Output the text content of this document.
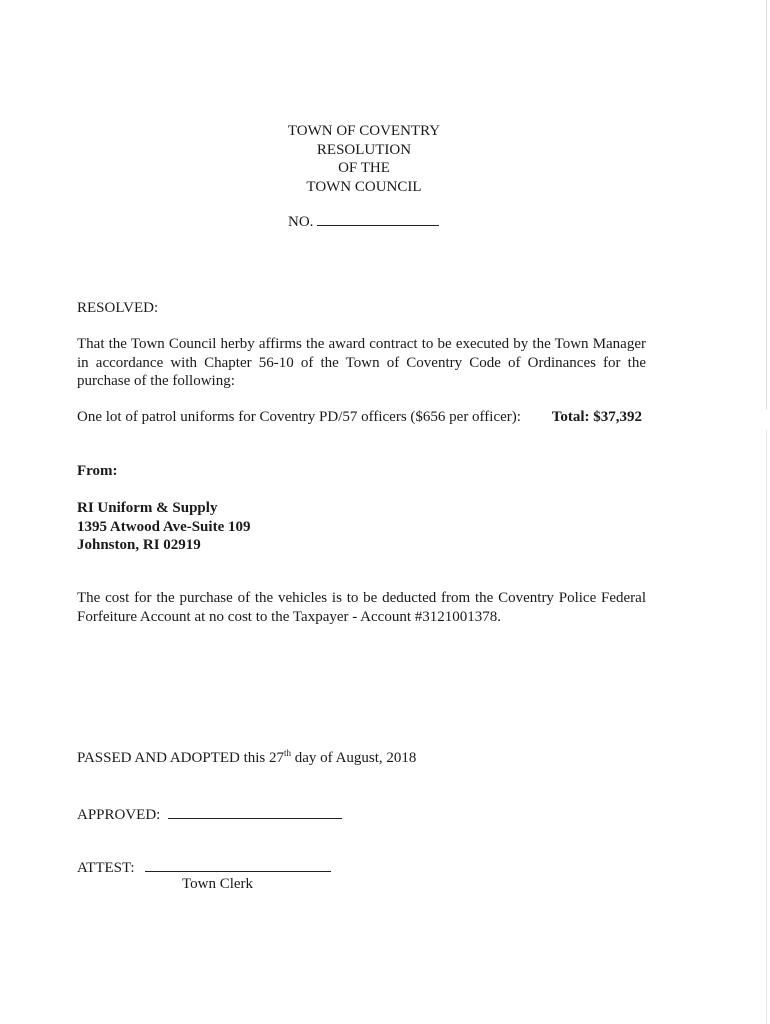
TOWN OF COVENTRY
RESOLUTION
OF THE
TOWN COUNCIL
NO.
RESOLVED:
That the Town Council herby affirms the award contract to be executed by the Town Manager in accordance with Chapter 56-10 of the Town of Coventry Code of Ordinances for the purchase of the following:
One lot of patrol uniforms for Coventry PD/57 officers ($656 per officer): Total: $37,392
From:
RI Uniform & Supply
1395 Atwood Ave-Suite 109
Johnston, RI 02919
The cost for the purchase of the vehicles is to be deducted from the Coventry Police Federal Forfeiture Account at no cost to the Taxpayer - Account #3121001378.
PASSED AND ADOPTED this 27th day of August, 2018
APPROVED:
ATTEST:
Town Clerk
